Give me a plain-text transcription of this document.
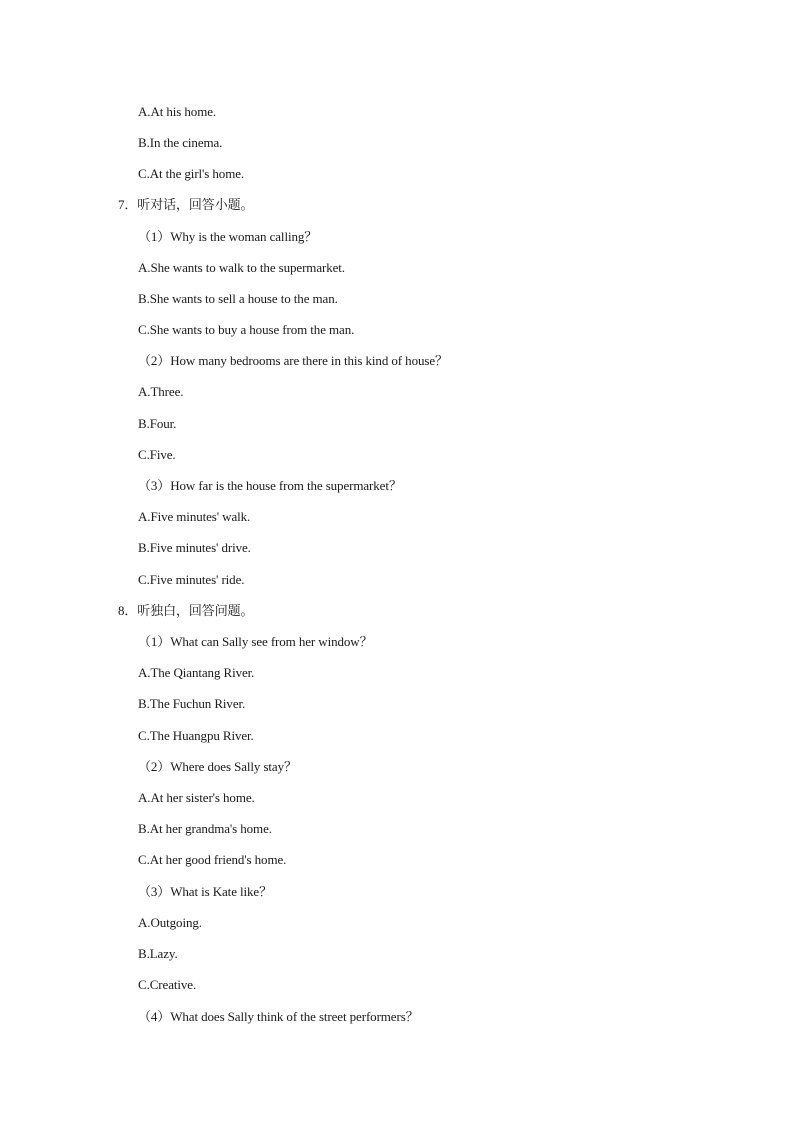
A.At his home.
B.In the cinema.
C.At the girl's home.
7．听对话，回答小题。
（1）Why is the woman calling？
A.She wants to walk to the supermarket.
B.She wants to sell a house to the man.
C.She wants to buy a house from the man.
（2）How many bedrooms are there in this kind of house？
A.Three.
B.Four.
C.Five.
（3）How far is the house from the supermarket？
A.Five minutes' walk.
B.Five minutes' drive.
C.Five minutes' ride.
8．听独白，回答问题。
（1）What can Sally see from her window？
A.The Qiantang River.
B.The Fuchun River.
C.The Huangpu River.
（2）Where does Sally stay？
A.At her sister's home.
B.At her grandma's home.
C.At her good friend's home.
（3）What is Kate like？
A.Outgoing.
B.Lazy.
C.Creative.
（4）What does Sally think of the street performers？
